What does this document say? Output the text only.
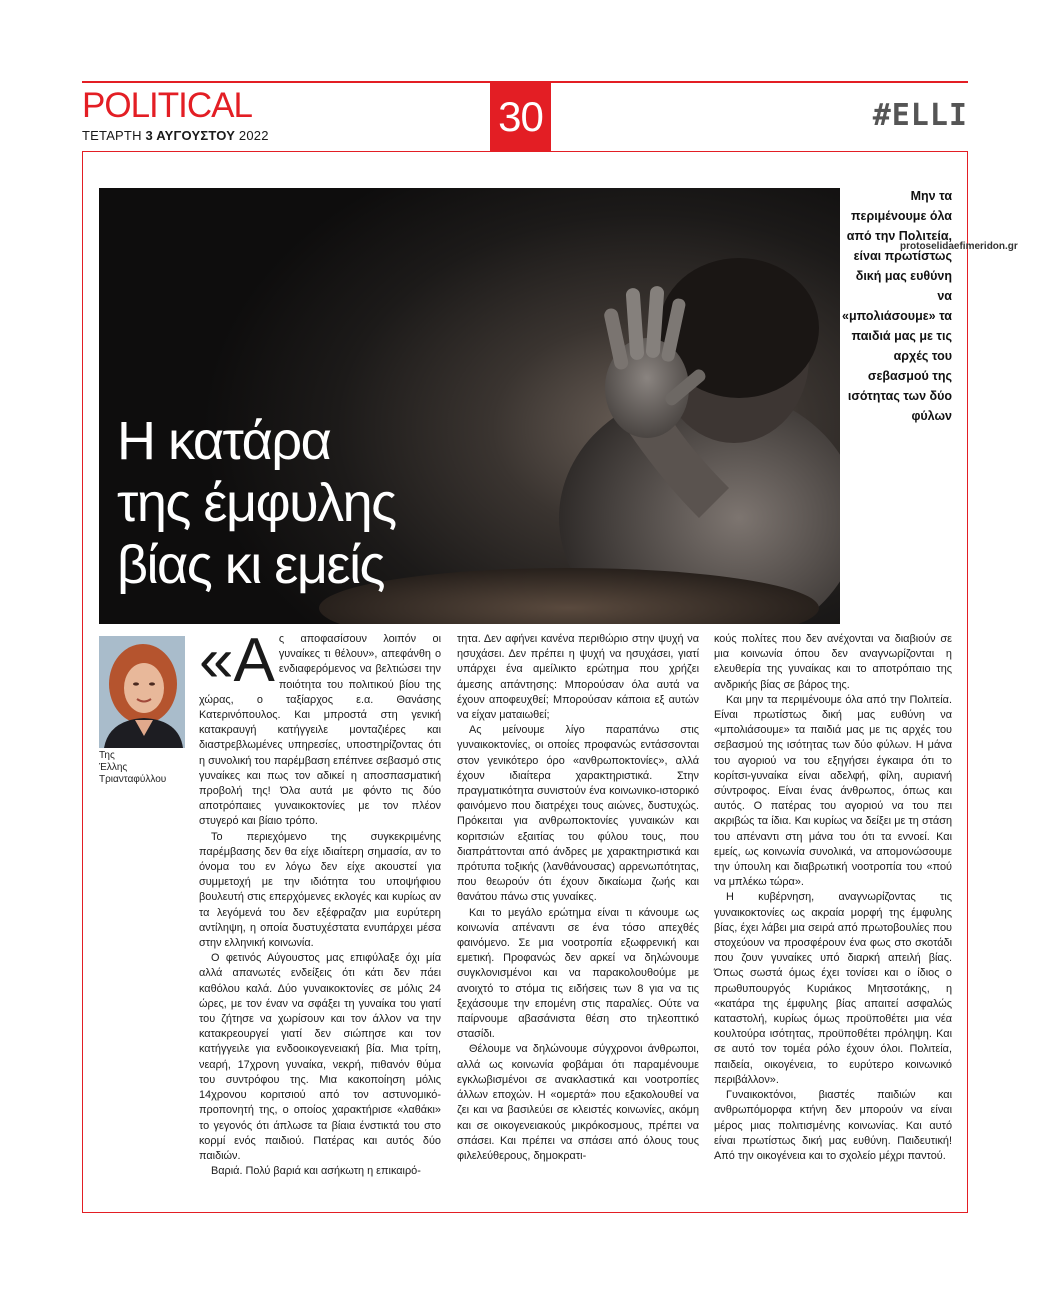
POLITICAL
ΤΕΤΑΡΤΗ 3 ΑΥΓΟΥΣΤΟΥ 2022	30	#ELLI
Η κατάρα
της έμφυλης
βίας κι εμείς

Μην τα περιμένουμε όλα από την Πολιτεία, είναι πρωτίστως δική μας ευθύνη να «μπολιάσουμε» τα παιδιά μας με τις αρχές του σεβασμού της ισότητας των δύο φύλων

protoselidaefimeridon.gr
Της
Έλλης
Τριανταφύλλου

«Α ς αποφασίσουν λοιπόν οι γυναίκες τι θέλουν», απεφάνθη ο ενδιαφερόμενος να βελτιώσει την ποιότητα του πολιτικού βίου της χώρας, ο ταξίαρχος ε.α. Θανάσης Κατερινόπουλος. Και μπροστά στη γενική κατακραυγή κατήγγειλε μονταζιέρες και διαστρεβλωμένες υπηρεσίες, υποστηρίζοντας ότι η συνολική του παρέμβαση επέπνεε σεβασμό στις γυναίκες και πως τον αδικεί η αποσπασματική προβολή της! Όλα αυτά με φόντο τις δύο αποτρόπαιες γυναικοκτονίες με τον πλέον στυγερό και βίαιο τρόπο.

Το περιεχόμενο της συγκεκριμένης παρέμβασης δεν θα είχε ιδιαίτερη σημασία, αν το όνομα του εν λόγω δεν είχε ακουστεί για συμμετοχή με την ιδιότητα του υποψήφιου βουλευτή στις επερχόμενες εκλογές και κυρίως αν τα λεγόμενά του δεν εξέφραζαν μια ευρύτερη αντίληψη, η οποία δυστυχέστατα ενυπάρχει μέσα στην ελληνική κοινωνία.

Ο φετινός Αύγουστος μας επιφύλαξε όχι μία αλλά απανωτές ενδείξεις ότι κάτι δεν πάει καθόλου καλά. Δύο γυναικοκτονίες σε μόλις 24 ώρες, με τον έναν να σφάξει τη γυναίκα του γιατί του ζήτησε να χωρίσουν και τον άλλον να την κατακρεουργεί γιατί δεν σιώπησε και τον κατήγγειλε για ενδοοικογενειακή βία. Μια τρίτη, νεαρή, 17χρονη γυναίκα, νεκρή, πιθανόν θύμα του συντρόφου της. Μια κακοποίηση μόλις 14χρονου κοριτσιού από τον αστυνομικό-προπονητή της, ο οποίος χαρακτήρισε «λαθάκι» το γεγονός ότι άπλωσε τα βίαια ένστικτά του στο κορμί ενός παιδιού. Πατέρας και αυτός δύο παιδιών.

Βαριά. Πολύ βαριά και ασήκωτη η επικαιρό-

τητα. Δεν αφήνει κανένα περιθώριο στην ψυχή να ησυχάσει. Δεν πρέπει η ψυχή να ησυχάσει, γιατί υπάρχει ένα αμείλικτο ερώτημα που χρήζει άμεσης απάντησης: Μπορούσαν όλα αυτά να έχουν αποφευχθεί; Μπορούσαν κάποια εξ αυτών να είχαν ματαιωθεί;

Ας μείνουμε λίγο παραπάνω στις γυναικοκτονίες, οι οποίες προφανώς εντάσσονται στον γενικότερο όρο «ανθρωποκτονίες», αλλά έχουν ιδιαίτερα χαρακτηριστικά. Στην πραγματικότητα συνιστούν ένα κοινωνικο-ιστορικό φαινόμενο που διατρέχει τους αιώνες, δυστυχώς. Πρόκειται για ανθρωποκτονίες γυναικών και κοριτσιών εξαιτίας του φύλου τους, που διαπράττονται από άνδρες με χαρακτηριστικά και πρότυπα τοξικής (λανθάνουσας) αρρενωπότητας, που θεωρούν ότι έχουν δικαίωμα ζωής και θανάτου πάνω στις γυναίκες.

Και το μεγάλο ερώτημα είναι τι κάνουμε ως κοινωνία απέναντι σε ένα τόσο απεχθές φαινόμενο. Σε μια νοοτροπία εξωφρενική και εμετική. Προφανώς δεν αρκεί να δηλώνουμε συγκλονισμένοι και να παρακολουθούμε με ανοιχτό το στόμα τις ειδήσεις των 8 για να τις ξεχάσουμε την επομένη στις παραλίες. Ούτε να παίρνουμε αβασάνιστα θέση στο τηλεοπτικό στασίδι.

Θέλουμε να δηλώνουμε σύγχρονοι άνθρωποι, αλλά ως κοινωνία φοβάμαι ότι παραμένουμε εγκλωβισμένοι σε ανακλαστικά και νοοτροπίες άλλων εποχών. Η «ομερτά» που εξακολουθεί να ζει και να βασιλεύει σε κλειστές κοινωνίες, ακόμη και σε οικογενειακούς μικρόκοσμους, πρέπει να σπάσει. Και πρέπει να σπάσει από όλους τους φιλελεύθερους, δημοκρατι-

κούς πολίτες που δεν ανέχονται να διαβιούν σε μια κοινωνία όπου δεν αναγνωρίζονται η ελευθερία της γυναίκας και το αποτρόπαιο της ανδρικής βίας σε βάρος της.

Και μην τα περιμένουμε όλα από την Πολιτεία. Είναι πρωτίστως δική μας ευθύνη να «μπολιάσουμε» τα παιδιά μας με τις αρχές του σεβασμού της ισότητας των δύο φύλων. Η μάνα του αγοριού να του εξηγήσει έγκαιρα ότι το κορίτσι-γυναίκα είναι αδελφή, φίλη, αυριανή σύντροφος. Είναι ένας άνθρωπος, όπως και αυτός. Ο πατέρας του αγοριού να του πει ακριβώς τα ίδια. Και κυρίως να δείξει με τη στάση του απέναντι στη μάνα του ότι τα εννοεί. Και εμείς, ως κοινωνία συνολικά, να απομονώσουμε την ύπουλη και διαβρωτική νοοτροπία του «πού να μπλέκω τώρα».

Η κυβέρνηση, αναγνωρίζοντας τις γυναικοκτονίες ως ακραία μορφή της έμφυλης βίας, έχει λάβει μια σειρά από πρωτοβουλίες που στοχεύουν να προσφέρουν ένα φως στο σκοτάδι που ζουν γυναίκες υπό διαρκή απειλή βίας. Όπως σωστά όμως έχει τονίσει και ο ίδιος ο πρωθυπουργός Κυριάκος Μητσοτάκης, η «κατάρα της έμφυλης βίας απαιτεί ασφαλώς καταστολή, κυρίως όμως προϋποθέτει μια νέα κουλτούρα ισότητας, προϋποθέτει πρόληψη. Και σε αυτό τον τομέα ρόλο έχουν όλοι. Πολιτεία, παιδεία, οικογένεια, το ευρύτερο κοινωνικό περιβάλλον».

Γυναικοκτόνοι, βιαστές παιδιών και ανθρωπόμορφα κτήνη δεν μπορούν να είναι μέρος μιας πολιτισμένης κοινωνίας. Και αυτό είναι πρωτίστως δική μας ευθύνη. Παιδευτική! Από την οικογένεια και το σχολείο μέχρι παντού.
